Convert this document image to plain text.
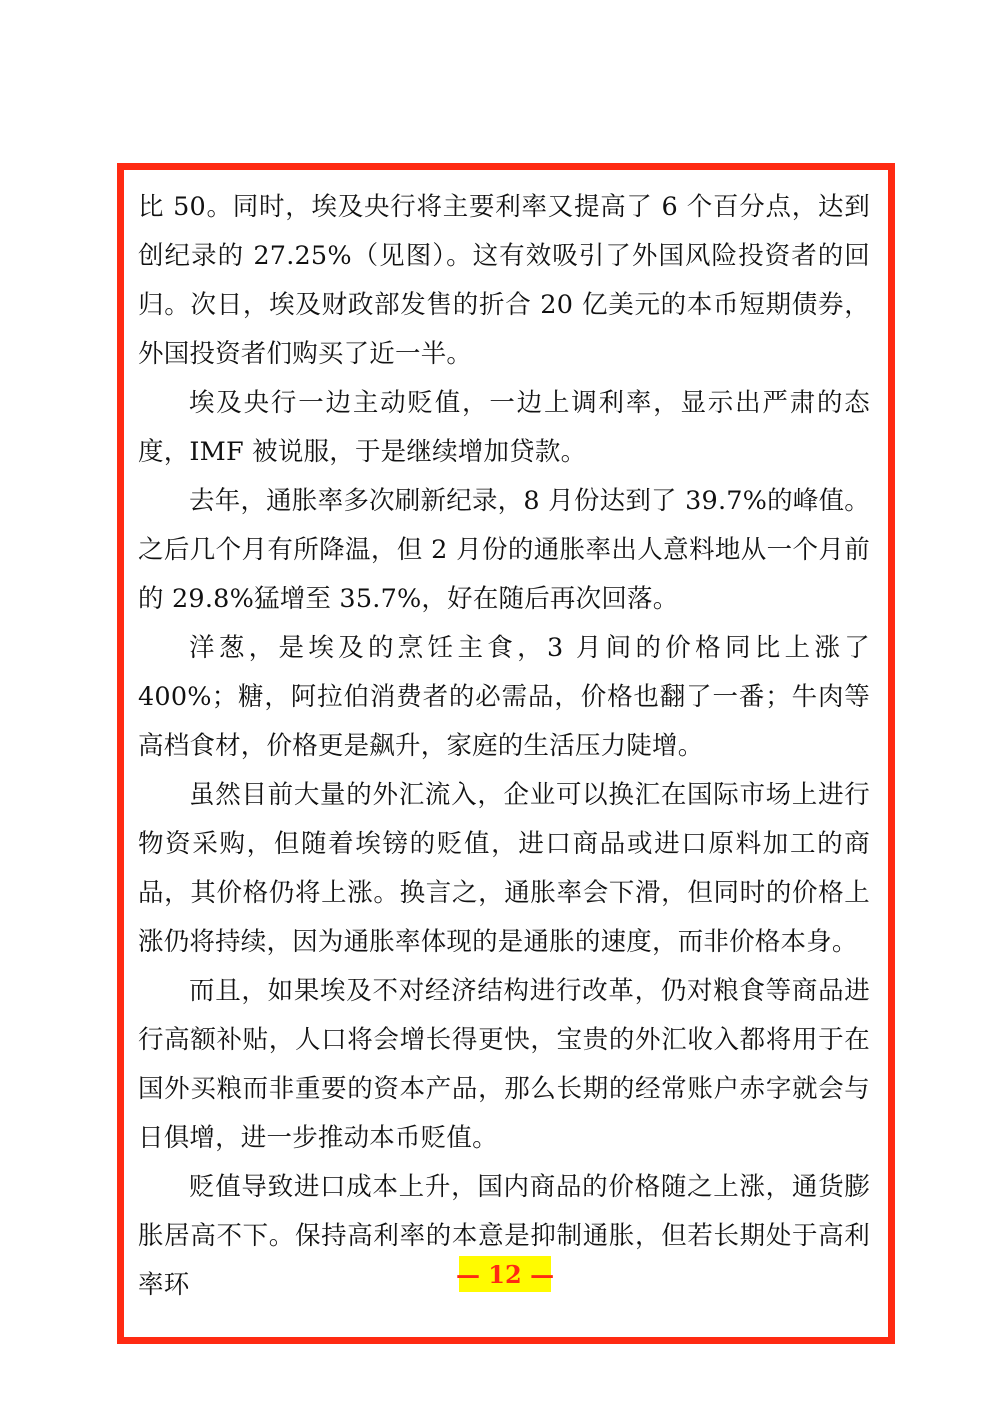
比 50。同时，埃及央行将主要利率又提高了 6 个百分点，达到创纪录的 27.25%（见图）。这有效吸引了外国风险投资者的回归。次日，埃及财政部发售的折合 20 亿美元的本币短期债券，外国投资者们购买了近一半。

埃及央行一边主动贬值，一边上调利率，显示出严肃的态度，IMF 被说服，于是继续增加贷款。

去年，通胀率多次刷新纪录，8 月份达到了 39.7%的峰值。之后几个月有所降温，但 2 月份的通胀率出人意料地从一个月前的 29.8%猛增至 35.7%，好在随后再次回落。

洋葱，是埃及的烹饪主食，3 月间的价格同比上涨了 400%；糖，阿拉伯消费者的必需品，价格也翻了一番；牛肉等高档食材，价格更是飙升，家庭的生活压力陡增。

虽然目前大量的外汇流入，企业可以换汇在国际市场上进行物资采购，但随着埃镑的贬值，进口商品或进口原料加工的商品，其价格仍将上涨。换言之，通胀率会下滑，但同时的价格上涨仍将持续，因为通胀率体现的是通胀的速度，而非价格本身。

而且，如果埃及不对经济结构进行改革，仍对粮食等商品进行高额补贴，人口将会增长得更快，宝贵的外汇收入都将用于在国外买粮而非重要的资本产品，那么长期的经常账户赤字就会与日俱增，进一步推动本币贬值。

贬值导致进口成本上升，国内商品的价格随之上涨，通货膨胀居高不下。保持高利率的本意是抑制通胀，但若长期处于高利率环	— 12 —
